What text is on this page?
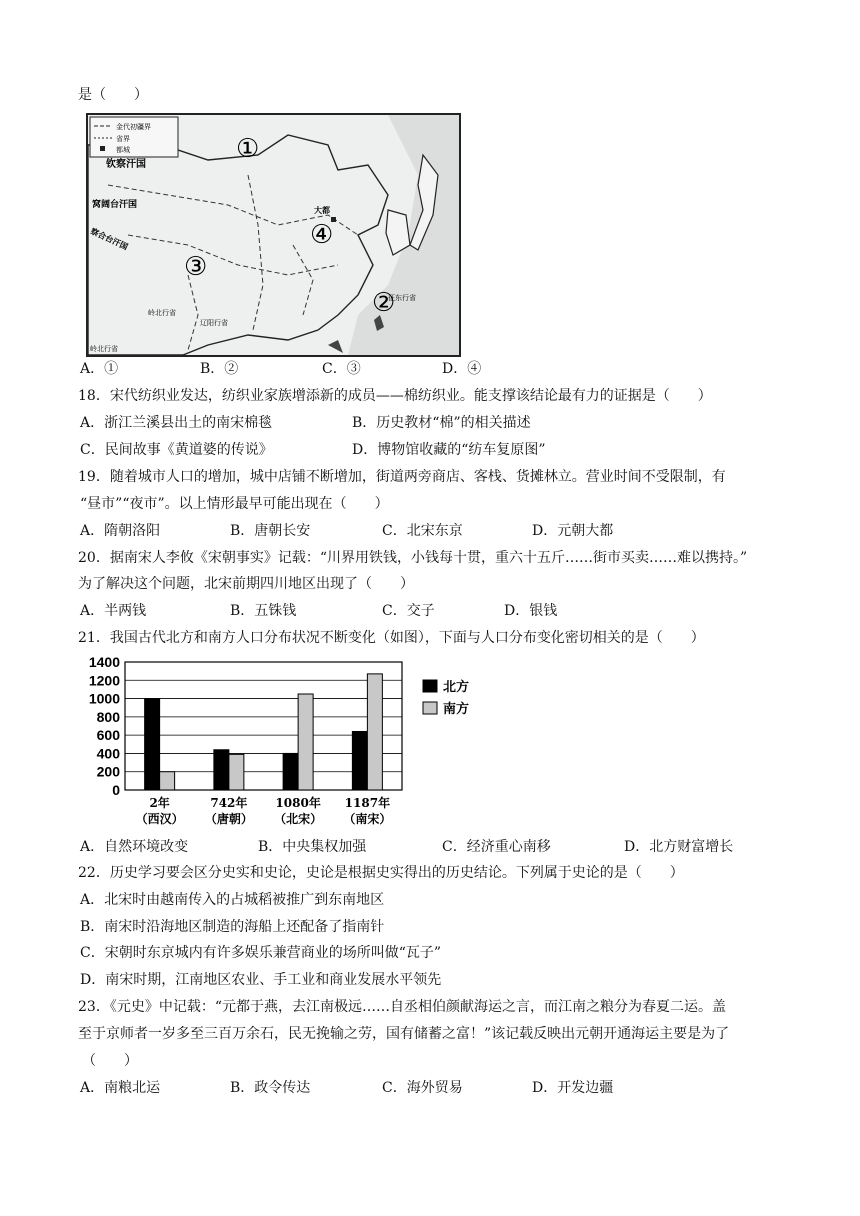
是（　　）
金代初疆界
省界
都城
钦察汗国
窝阔台汗国
察合台汗国
大都
岭北行省
征东行省
辽阳行省
岭北行省
①
②
③
④
A．①	B．②	C．③	D．④
18．宋代纺织业发达，纺织业家族增添新的成员——棉纺织业。能支撑该结论最有力的证据是（　　）
A．浙江兰溪县出土的南宋棉毯	B．历史教材“棉”的相关描述
C．民间故事《黄道婆的传说》	D．博物馆收藏的“纺车复原图”
19．随着城市人口的增加，城中店铺不断增加，街道两旁商店、客栈、货摊林立。营业时间不受限制，有
“昼市”“夜市”。以上情形最早可能出现在（　　）
A．隋朝洛阳	B．唐朝长安	C．北宋东京	D．元朝大都
20．据南宋人李攸《宋朝事实》记载：“川界用铁钱，小钱每十贯，重六十五斤……街市买卖……难以携持。”
为了解决这个问题，北宋前期四川地区出现了（　　）
A．半两钱	B．五铢钱	C．交子	D．银钱
21．我国古代北方和南方人口分布状况不断变化（如图），下面与人口分布变化密切相关的是（　　）
0
200
400
600
800
1000
1200
1400
2年
（西汉）
742年
（唐朝）
1080年
（北宋）
1187年
（南宋）
北方
南方
A．自然环境改变	B．中央集权加强	C．经济重心南移	D．北方财富增长
22．历史学习要会区分史实和史论，史论是根据史实得出的历史结论。下列属于史论的是（　　）
A．北宋时由越南传入的占城稻被推广到东南地区
B．南宋时沿海地区制造的海船上还配备了指南针
C．宋朝时东京城内有许多娱乐兼营商业的场所叫做“瓦子”
D．南宋时期，江南地区农业、手工业和商业发展水平领先
23．《元史》中记载：“元都于燕，去江南极远……自丞相伯颜献海运之言，而江南之粮分为春夏二运。盖
至于京师者一岁多至三百万余石，民无挽输之劳，国有储蓄之富！”该记载反映出元朝开通海运主要是为了
（　　）
A．南粮北运	B．政令传达	C．海外贸易	D．开发边疆
